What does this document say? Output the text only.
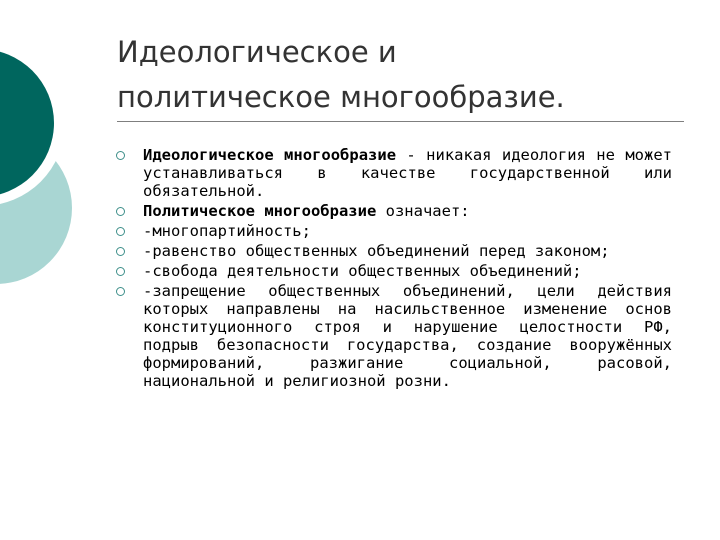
Идеологическое и
политическое многообразие.
Идеологическое многообразие - никакая идеология не может устанавливаться в качестве государственной или обязательной.
Политическое многообразие означает:
-многопартийность;
-равенство общественных объединений перед законом;
-свобода деятельности общественных объединений;
-запрещение общественных объединений, цели действия которых направлены на насильственное изменение основ конституционного строя и нарушение целостности РФ, подрыв безопасности государства, создание вооружённых формирований, разжигание социальной, расовой, национальной и религиозной розни.
